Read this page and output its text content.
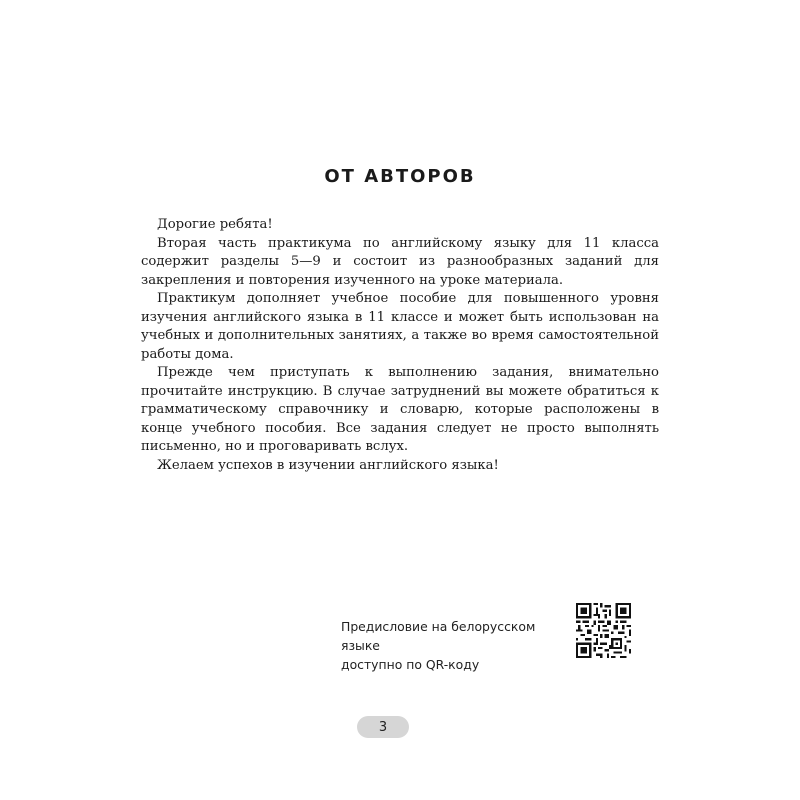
ОТ АВТОРОВ

Дорогие ребята!

Вторая часть практикума по английскому языку для 11 класса содержит разделы 5—9 и состоит из разнообразных заданий для закрепления и повторения изученного на уроке материала.

Практикум дополняет учебное пособие для повышенного уровня изучения английского языка в 11 классе и может быть использован на учебных и дополнительных занятиях, а также во время самостоятельной работы дома.

Прежде чем приступать к выполнению задания, внимательно прочитайте инструкцию. В случае затруднений вы можете обратиться к грамматическому справочнику и словарю, которые расположены в конце учебного пособия. Все задания следует не просто выполнять письменно, но и проговаривать вслух.

Желаем успехов в изучении английского языка!

Предисловие на белорусском языке
доступно по QR-коду
3
